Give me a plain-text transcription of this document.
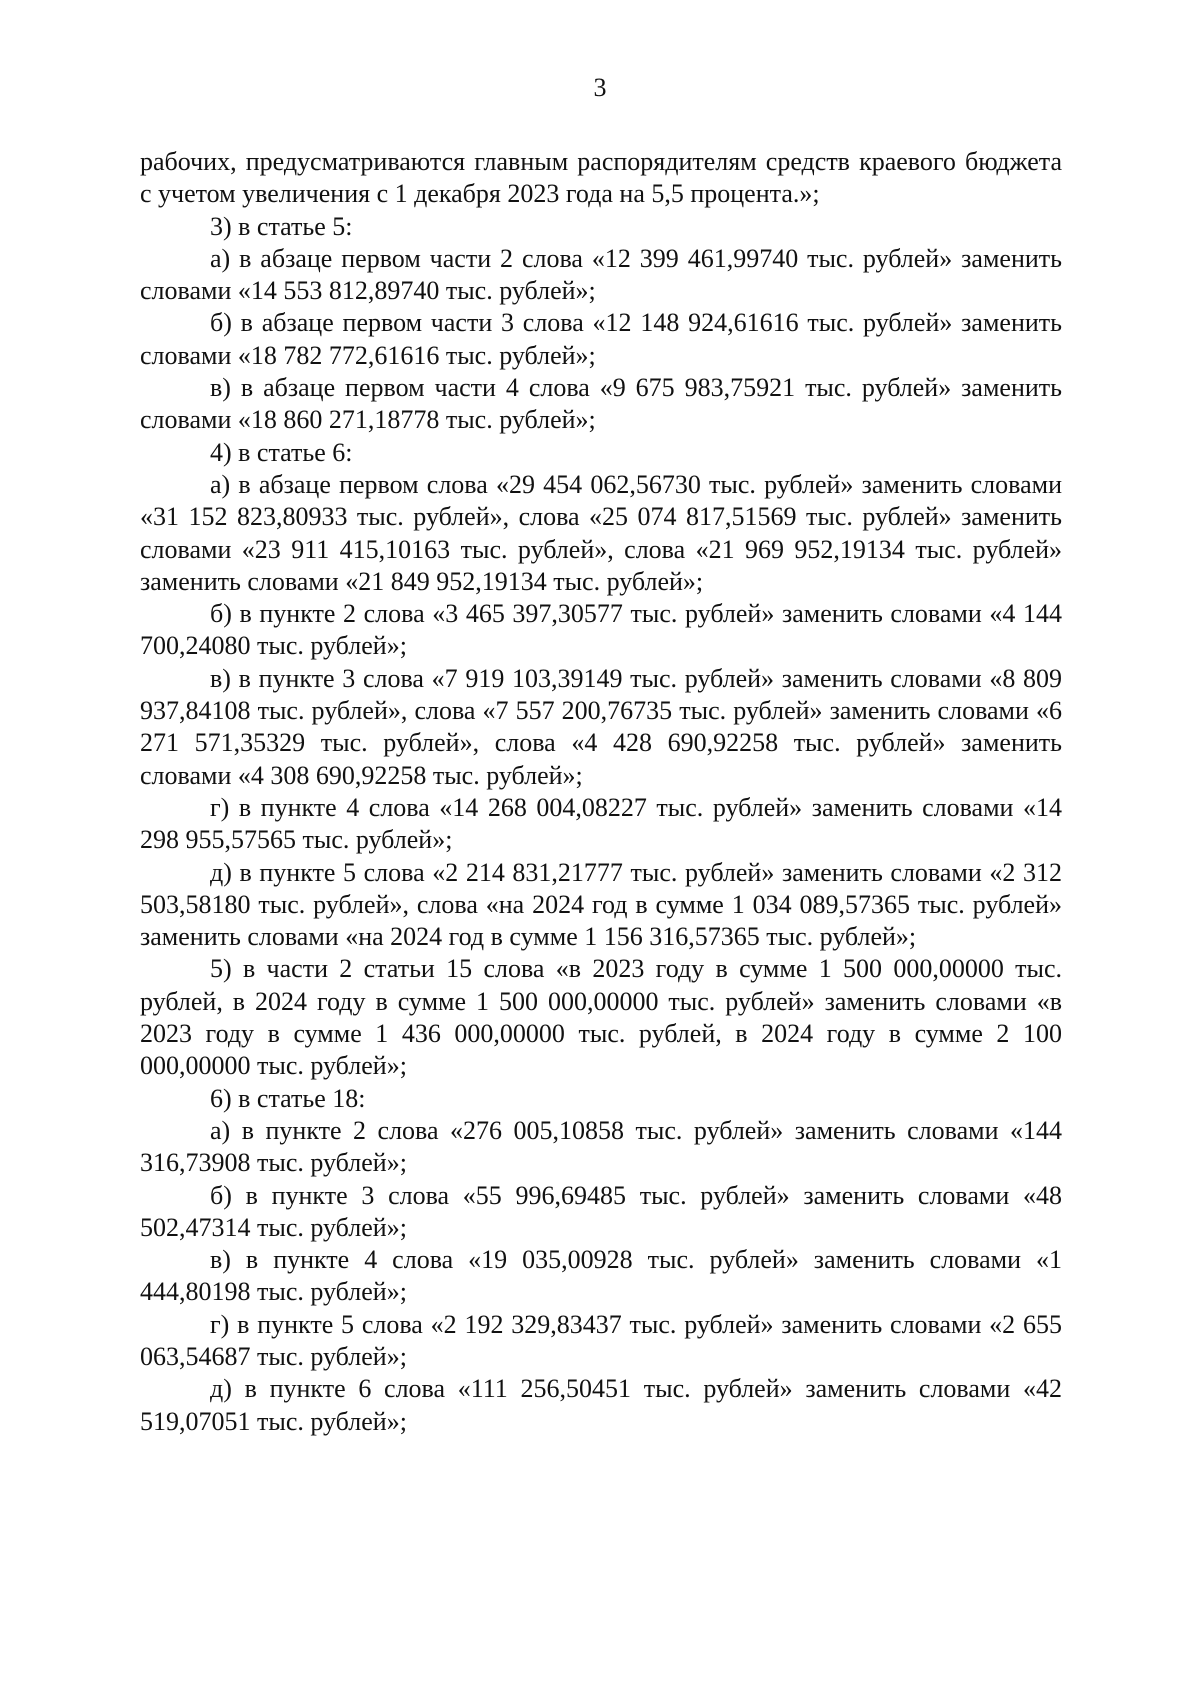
3

рабочих, предусматриваются главным распорядителям средств краевого бюджета с учетом увеличения с 1 декабря 2023 года на 5,5 процента.»;

3) в статье 5:

а) в абзаце первом части 2 слова «12 399 461,99740 тыс. рублей» заменить словами «14 553 812,89740 тыс. рублей»;

б) в абзаце первом части 3 слова «12 148 924,61616 тыс. рублей» заменить словами «18 782 772,61616 тыс. рублей»;

в) в абзаце первом части 4 слова «9 675 983,75921 тыс. рублей» заменить словами «18 860 271,18778 тыс. рублей»;

4) в статье 6:

а) в абзаце первом слова «29 454 062,56730 тыс. рублей» заменить словами «31 152 823,80933 тыс. рублей», слова «25 074 817,51569 тыс. рублей» заменить словами «23 911 415,10163 тыс. рублей», слова «21 969 952,19134 тыс. рублей» заменить словами «21 849 952,19134 тыс. рублей»;

б) в пункте 2 слова «3 465 397,30577 тыс. рублей» заменить словами «4 144 700,24080 тыс. рублей»;

в) в пункте 3 слова «7 919 103,39149 тыс. рублей» заменить словами «8 809 937,84108 тыс. рублей», слова «7 557 200,76735 тыс. рублей» заменить словами «6 271 571,35329 тыс. рублей», слова «4 428 690,92258 тыс. рублей» заменить словами «4 308 690,92258 тыс. рублей»;

г) в пункте 4 слова «14 268 004,08227 тыс. рублей» заменить словами «14 298 955,57565 тыс. рублей»;

д) в пункте 5 слова «2 214 831,21777 тыс. рублей» заменить словами «2 312 503,58180 тыс. рублей», слова «на 2024 год в сумме 1 034 089,57365 тыс. рублей» заменить словами «на 2024 год в сумме 1 156 316,57365 тыс. рублей»;

5) в части 2 статьи 15 слова «в 2023 году в сумме 1 500 000,00000 тыс. рублей, в 2024 году в сумме 1 500 000,00000 тыс. рублей» заменить словами «в 2023 году в сумме 1 436 000,00000 тыс. рублей, в 2024 году в сумме 2 100 000,00000 тыс. рублей»;

6) в статье 18:

а) в пункте 2 слова «276 005,10858 тыс. рублей» заменить словами «144 316,73908 тыс. рублей»;

б) в пункте 3 слова «55 996,69485 тыс. рублей» заменить словами «48 502,47314 тыс. рублей»;

в) в пункте 4 слова «19 035,00928 тыс. рублей» заменить словами «1 444,80198 тыс. рублей»;

г) в пункте 5 слова «2 192 329,83437 тыс. рублей» заменить словами «2 655 063,54687 тыс. рублей»;

д) в пункте 6 слова «111 256,50451 тыс. рублей» заменить словами «42 519,07051 тыс. рублей»;
